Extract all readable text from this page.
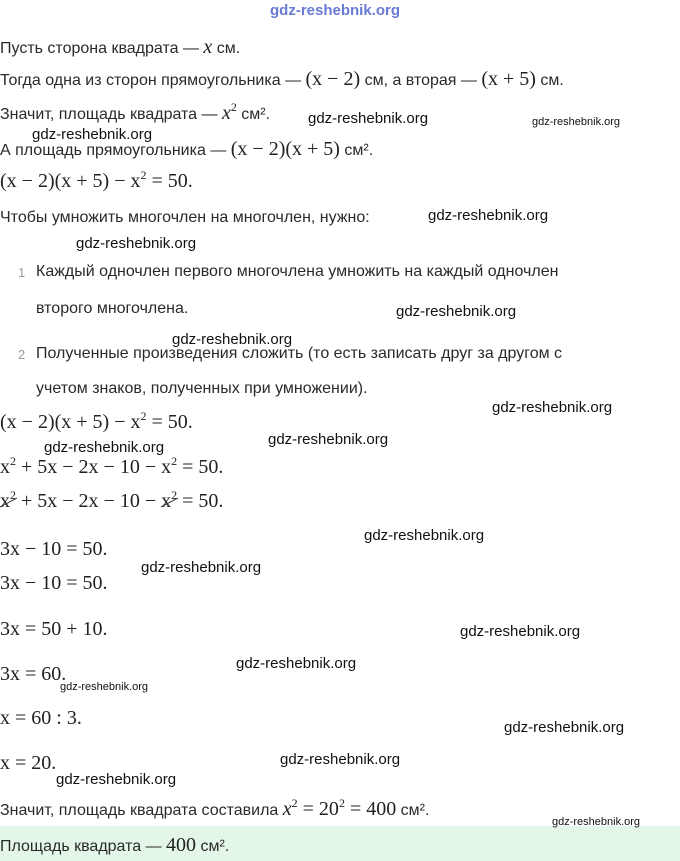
gdz-reshebnik.org
Пусть сторона квадрата — x см.
Тогда одна из сторон прямоугольника — (x − 2) см, а вторая — (x + 5) см.
Значит, площадь квадрата — $x^2$ см².	gdz-reshebnik.org	gdz-reshebnik.org
gdz-reshebnik.org
А площадь прямоугольника — (x − 2)(x + 5) см².
$(x - 2)(x + 5) - x^2 = 50$.
Чтобы умножить многочлен на многочлен, нужно:	gdz-reshebnik.org
gdz-reshebnik.org
1 Каждый одночлен первого многочлена умножить на каждый одночлен
второго многочлена.	gdz-reshebnik.org
gdz-reshebnik.org
2 Полученные произведения сложить (то есть записать друг за другом с
учетом знаков, полученных при умножении).
gdz-reshebnik.org
$(x - 2)(x + 5) - x^2 = 50$.
gdz-reshebnik.org
gdz-reshebnik.org
$x^2 + 5x - 2x - 10 - x^2 = 50$.
$x^2 + 5x - 2x - 10 - x^2 = 50$.
gdz-reshebnik.org
3x − 10 = 50.
gdz-reshebnik.org
3x − 10 = 50.
3x = 50 + 10.	gdz-reshebnik.org
gdz-reshebnik.org
3x = 60.
gdz-reshebnik.org
x = 60 : 3.	gdz-reshebnik.org
gdz-reshebnik.org
x = 20.
gdz-reshebnik.org
Значит, площадь квадрата составила $x^2 = 20^2 = 400$ см².
gdz-reshebnik.org
Площадь квадрата — 400 см².
